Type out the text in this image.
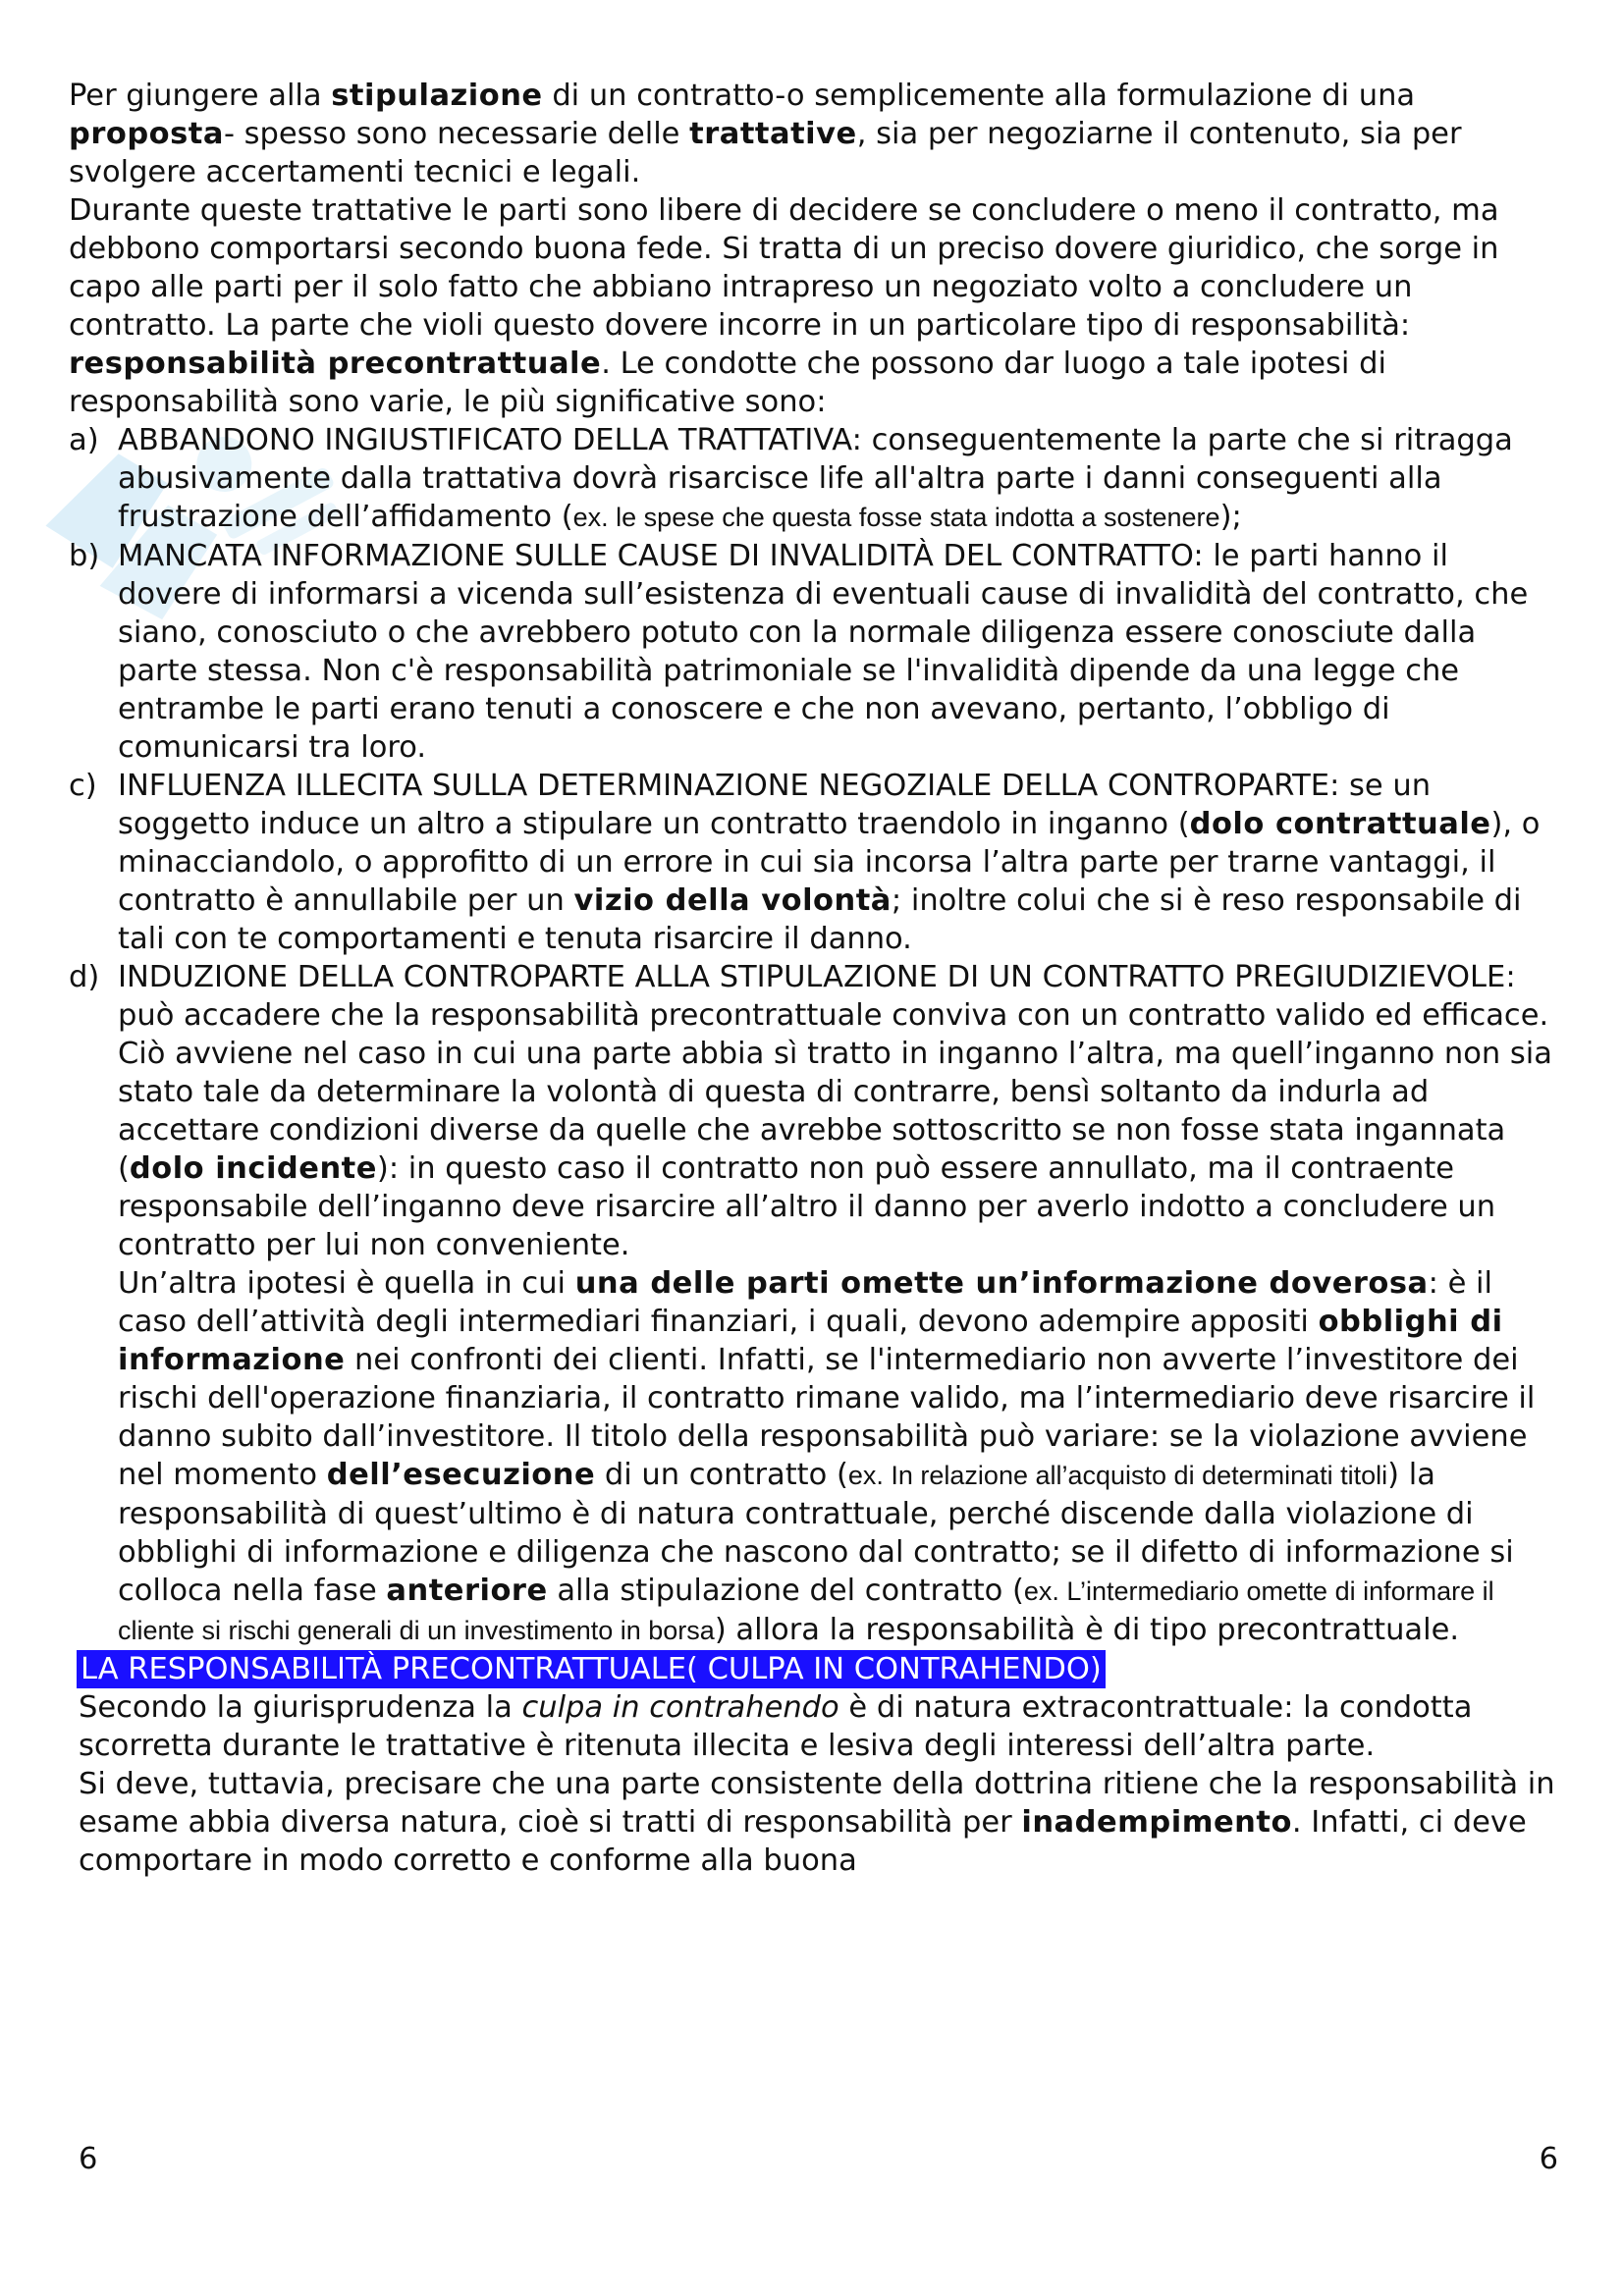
Per giungere alla stipulazione di un contratto-o semplicemente alla formulazione di una proposta- spesso sono necessarie delle trattative, sia per negoziarne il contenuto, sia per svolgere accertamenti tecnici e legali.

Durante queste trattative le parti sono libere di decidere se concludere o meno il contratto, ma debbono comportarsi secondo buona fede. Si tratta di un preciso dovere giuridico, che sorge in capo alle parti per il solo fatto che abbiano intrapreso un negoziato volto a concludere un contratto. La parte che violi questo dovere incorre in un particolare tipo di responsabilità: responsabilità precontrattuale. Le condotte che possono dar luogo a tale ipotesi di responsabilità sono varie, le più significative sono:

a) ABBANDONO INGIUSTIFICATO DELLA TRATTATIVA: conseguentemente la parte che si ritragga abusivamente dalla trattativa dovrà risarcisce life all'altra parte i danni conseguenti alla frustrazione dell’affidamento (ex. le spese che questa fosse stata indotta a sostenere);
b) MANCATA INFORMAZIONE SULLE CAUSE DI INVALIDITÀ DEL CONTRATTO: le parti hanno il dovere di informarsi a vicenda sull’esistenza di eventuali cause di invalidità del contratto, che siano, conosciuto o che avrebbero potuto con la normale diligenza essere conosciute dalla parte stessa. Non c'è responsabilità patrimoniale se l'invalidità dipende da una legge che entrambe le parti erano tenuti a conoscere e che non avevano, pertanto, l’obbligo di comunicarsi tra loro.
c) INFLUENZA ILLECITA SULLA DETERMINAZIONE NEGOZIALE DELLA CONTROPARTE: se un soggetto induce un altro a stipulare un contratto traendolo in inganno (dolo contrattuale), o minacciandolo, o approfitto di un errore in cui sia incorsa l’altra parte per trarne vantaggi, il contratto è annullabile per un vizio della volontà; inoltre colui che si è reso responsabile di tali con te comportamenti e tenuta risarcire il danno.
d) INDUZIONE DELLA CONTROPARTE ALLA STIPULAZIONE DI UN CONTRATTO PREGIUDIZIEVOLE: può accadere che la responsabilità precontrattuale conviva con un contratto valido ed efficace. Ciò avviene nel caso in cui una parte abbia sì tratto in inganno l’altra, ma quell’inganno non sia stato tale da determinare la volontà di questa di contrarre, bensì soltanto da indurla ad accettare condizioni diverse da quelle che avrebbe sottoscritto se non fosse stata ingannata (dolo incidente): in questo caso il contratto non può essere annullato, ma il contraente responsabile dell’inganno deve risarcire all’altro il danno per averlo indotto a concludere un contratto per lui non conveniente.

Un’altra ipotesi è quella in cui una delle parti omette un’informazione doverosa: è il caso dell’attività degli intermediari finanziari, i quali, devono adempire appositi obblighi di informazione nei confronti dei clienti. Infatti, se l'intermediario non avverte l’investitore dei rischi dell'operazione finanziaria, il contratto rimane valido, ma l’intermediario deve risarcire il danno subito dall’investitore. Il titolo della responsabilità può variare: se la violazione avviene nel momento dell’esecuzione di un contratto (ex. In relazione all’acquisto di determinati titoli) la responsabilità di quest’ultimo è di natura contrattuale, perché discende dalla violazione di obblighi di informazione e diligenza che nascono dal contratto; se il difetto di informazione si colloca nella fase anteriore alla stipulazione del contratto (ex. L’intermediario omette di informare il cliente si rischi generali di un investimento in borsa) allora la responsabilità è di tipo precontrattuale.

LA RESPONSABILITÀ PRECONTRATTUALE( CULPA IN CONTRAHENDO)

Secondo la giurisprudenza la culpa in contrahendo è di natura extracontrattuale: la condotta scorretta durante le trattative è ritenuta illecita e lesiva degli interessi dell’altra parte.

Si deve, tuttavia, precisare che una parte consistente della dottrina ritiene che la responsabilità in esame abbia diversa natura, cioè si tratti di responsabilità per inadempimento. Infatti, ci deve comportare in modo corretto e conforme alla buona

6	6
